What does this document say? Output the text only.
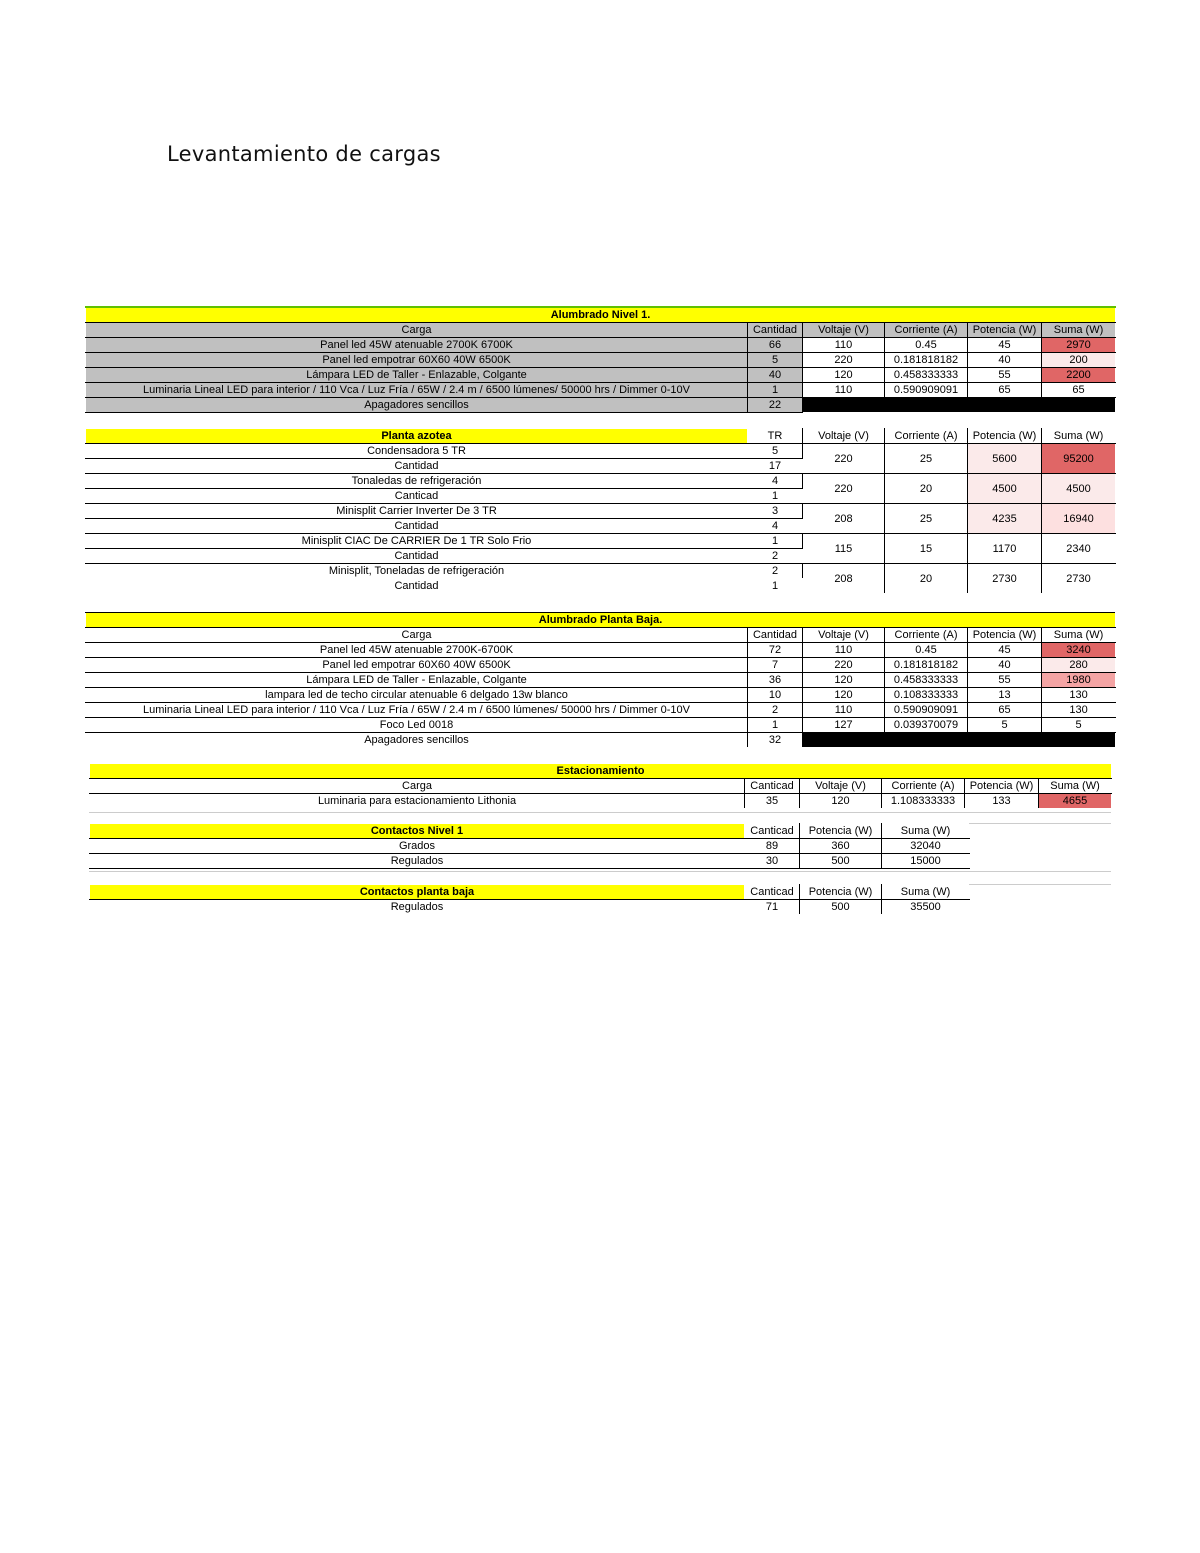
Levantamiento de cargas
Alumbrado Nivel 1.					
Carga	Cantidad	Voltaje (V)	Corriente (A)	Potencia (W)	Suma (W)
Panel led 45W atenuable 2700K 6700K	66	110	0.45	45	2970
Panel led empotrar 60X60 40W 6500K	5	220	0.181818182	40	200
Lámpara LED de Taller - Enlazable, Colgante	40	120	0.458333333	55	2200
Luminaria Lineal LED para interior / 110 Vca / Luz Fría / 65W / 2.4 m / 6500 lúmenes/ 50000 hrs / Dimmer 0-10V	1	110	0.590909091	65	65
Apagadores sencillos	22				
Planta azotea	TR	Voltaje (V)	Corriente (A)	Potencia (W)	Suma (W)
Condensadora 5 TR	5	220	25	5600	95200
Cantidad	17				
Tonaledas de refrigeración	4	220	20	4500	4500
Canticad	1				
Minisplit Carrier Inverter De 3 TR	3	208	25	4235	16940
Cantidad	4				
Minisplit CIAC De CARRIER De 1 TR Solo Frio	1	115	15	1170	2340
Cantidad	2				
Minisplit, Toneladas de refrigeración	2	208	20	2730	2730
Cantidad	1				
Alumbrado Planta Baja.					
Carga	Cantidad	Voltaje (V)	Corriente (A)	Potencia (W)	Suma (W)
Panel led 45W atenuable 2700K-6700K	72	110	0.45	45	3240
Panel led empotrar 60X60 40W 6500K	7	220	0.181818182	40	280
Lámpara LED de Taller - Enlazable, Colgante	36	120	0.458333333	55	1980
lampara led de techo circular atenuable 6 delgado 13w blanco	10	120	0.108333333	13	130
Luminaria Lineal LED para interior / 110 Vca / Luz Fría / 65W / 2.4 m / 6500 lúmenes/ 50000 hrs / Dimmer 0-10V	2	110	0.590909091	65	130
Foco Led 0018	1	127	0.039370079	5	5
Apagadores sencillos	32				
Estacionamiento					
Carga	Canticad	Voltaje (V)	Corriente (A)	Potencia (W)	Suma (W)
Luminaria para estacionamiento Lithonia	35	120	1.108333333	133	4655
Contactos Nivel 1	Canticad	Potencia (W)	Suma (W)
Grados	89	360	32040
Regulados	30	500	15000
Contactos planta baja	Canticad	Potencia (W)	Suma (W)
Regulados	71	500	35500
